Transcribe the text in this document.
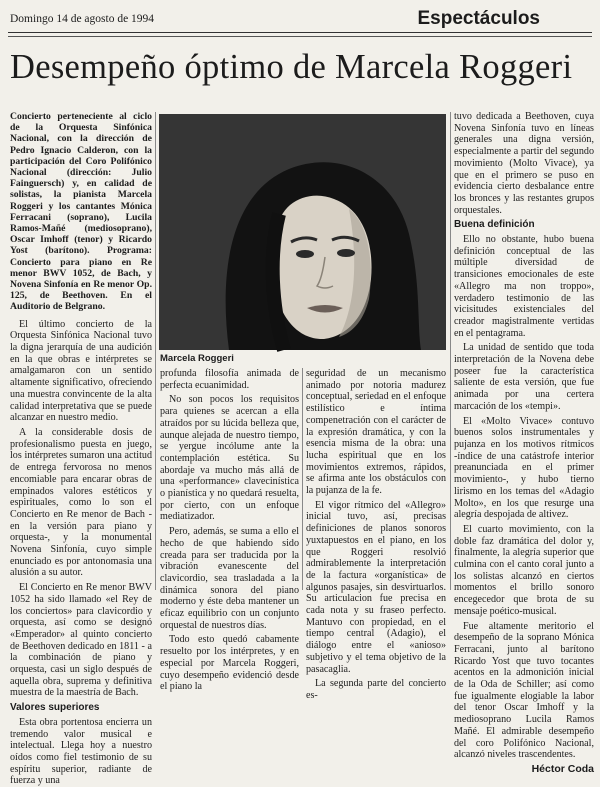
Domingo 14 de agosto de 1994	Espectáculos
Desempeño óptimo de Marcela Roggeri

Concierto perteneciente al ciclo de la Orquesta Sinfónica Nacional, con la dirección de Pedro Ignacio Calderon, con la participación del Coro Polifónico Nacional (dirección: Julio Fainguersch) y, en calidad de solistas, la pianista Marcela Roggeri y los cantantes Mónica Ferracani (soprano), Lucila Ramos-Mañé (mediosoprano), Oscar Imhoff (tenor) y Ricardo Yost (barítono). Programa: Concierto para piano en Re menor BWV 1052, de Bach, y Novena Sinfonía en Re menor Op. 125, de Beethoven. En el Auditorio de Belgrano.

El último concierto de la Orquesta Sinfónica Nacional tuvo la digna jerarquía de una audición en la que obras e intérpretes se amalgamaron con un sentido altamente significativo, ofreciendo una muestra convincente de la alta calidad interpretativa que se puede alcanzar en nuestro medio.

A la considerable dosis de profesionalismo puesta en juego, los intérpretes sumaron una actitud de entrega fervorosa no menos encomiable para encarar obras de empinados valores estéticos y espirituales, como lo son el Concierto en Re menor de Bach -en la versión para piano y orquesta-, y la monumental Novena Sinfonía, cuyo simple enunciado es por antonomasia una alusión a su autor.

El Concierto en Re menor BWV 1052 ha sido llamado «el Rey de los conciertos» para clavicordio y orquesta, así como se designó «Emperador» al quinto concierto de Beethoven dedicado en 1811 - a la combinación de piano y orquesta, casi un siglo después de aquella obra, suprema y definitiva muestra de la maestría de Bach.

Valores superiores

Esta obra portentosa encierra un tremendo valor musical e intelectual. Llega hoy a nuestro oídos como fiel testimonio de su espíritu superior, radiante de fuerza y una

Marcela Roggeri

profunda filosofía animada de perfecta ecuanimidad.

No son pocos los requisitos para quienes se acercan a ella atraídos por su lúcida belleza que, aunque alejada de nuestro tiempo, se yergue incólume ante la contemplación estética. Su abordaje va mucho más allá de una «performance» clavecinística o pianística y no quedará resuelta, por cierto, con un enfoque mediatizador.

Pero, además, se suma a ello el hecho de que habiendo sido creada para ser traducida por la vibración evanescente del clavicordio, sea trasladada a la dinámica sonora del piano moderno y éste deba mantener un eficaz equilibrio con un conjunto orquestal de nuestros días.

Todo esto quedó cabamente resuelto por los intérpretes, y en especial por Marcela Roggeri, cuyo desempeño evidenció desde el piano la

seguridad de un mecanismo animado por notoria madurez conceptual, seriedad en el enfoque estilístico e íntima compenetración con el carácter de la expresión dramática, y con la esencia misma de la obra: una lucha espiritual que en los movimientos extremos, rápidos, se afirma ante los obstáculos con la pujanza de la fe.

El vigor rítmico del «Allegro» inicial tuvo, así, precisas definiciones de planos sonoros yuxtapuestos en el piano, en los que Roggeri resolvió admirablemente la interpretación de la factura «organística» de algunos pasajes, sin desvirtuarlos. Su articulacion fue precisa en cada nota y su fraseo perfecto. Mantuvo con propiedad, en el tiempo central (Adagio), el diálogo entre el «anioso» subjetivo y el tema objetivo de la pasacaglia.

La segunda parte del concierto es-

tuvo dedicada a Beethoven, cuya Novena Sinfonía tuvo en líneas generales una digna versión, especialmente a partir del segundo movimiento (Molto Vivace), ya que en el primero se puso en evidencia cierto desbalance entre los bronces y las restantes grupos orquestales.

Buena definición

Ello no obstante, hubo buena definición conceptual de las múltiple diversidad de transiciones emocionales de este «Allegro ma non troppo», verdadero testimonio de las vicisitudes existenciales del creador magistralmente vertidas en el pentagrama.

La unidad de sentido que toda interpretación de la Novena debe poseer fue la característica saliente de esta versión, que fue animada por una certera marcación de los «tempi».

El «Molto Vivace» contuvo buenos solos instrumentales y pujanza en los motivos rítmicos -índice de una catástrofe interior preanunciada en el primer movimiento-, y hubo tierno lirismo en los temas del «Adagio Molto», en los que resurge una alegría despojada de altivez.

El cuarto movimiento, con la doble faz dramática del dolor y, finalmente, la alegría superior que culmina con el canto coral junto a los solistas alcanzó en ciertos momentos el brillo sonoro encegecedor que brota de su mensaje poético-musical.

Fue altamente meritorio el desempeño de la soprano Mónica Ferracani, junto al barítono Ricardo Yost que tuvo tocantes acentos en la admonición inicial de la Oda de Schiller; así como fue igualmente elogiable la labor del tenor Oscar Imhoff y la mediosoprano Lucila Ramos Mañé. El admirable desempeño del coro Polifónico Nacional, alcanzó niveles trascendentes.

Héctor Coda
